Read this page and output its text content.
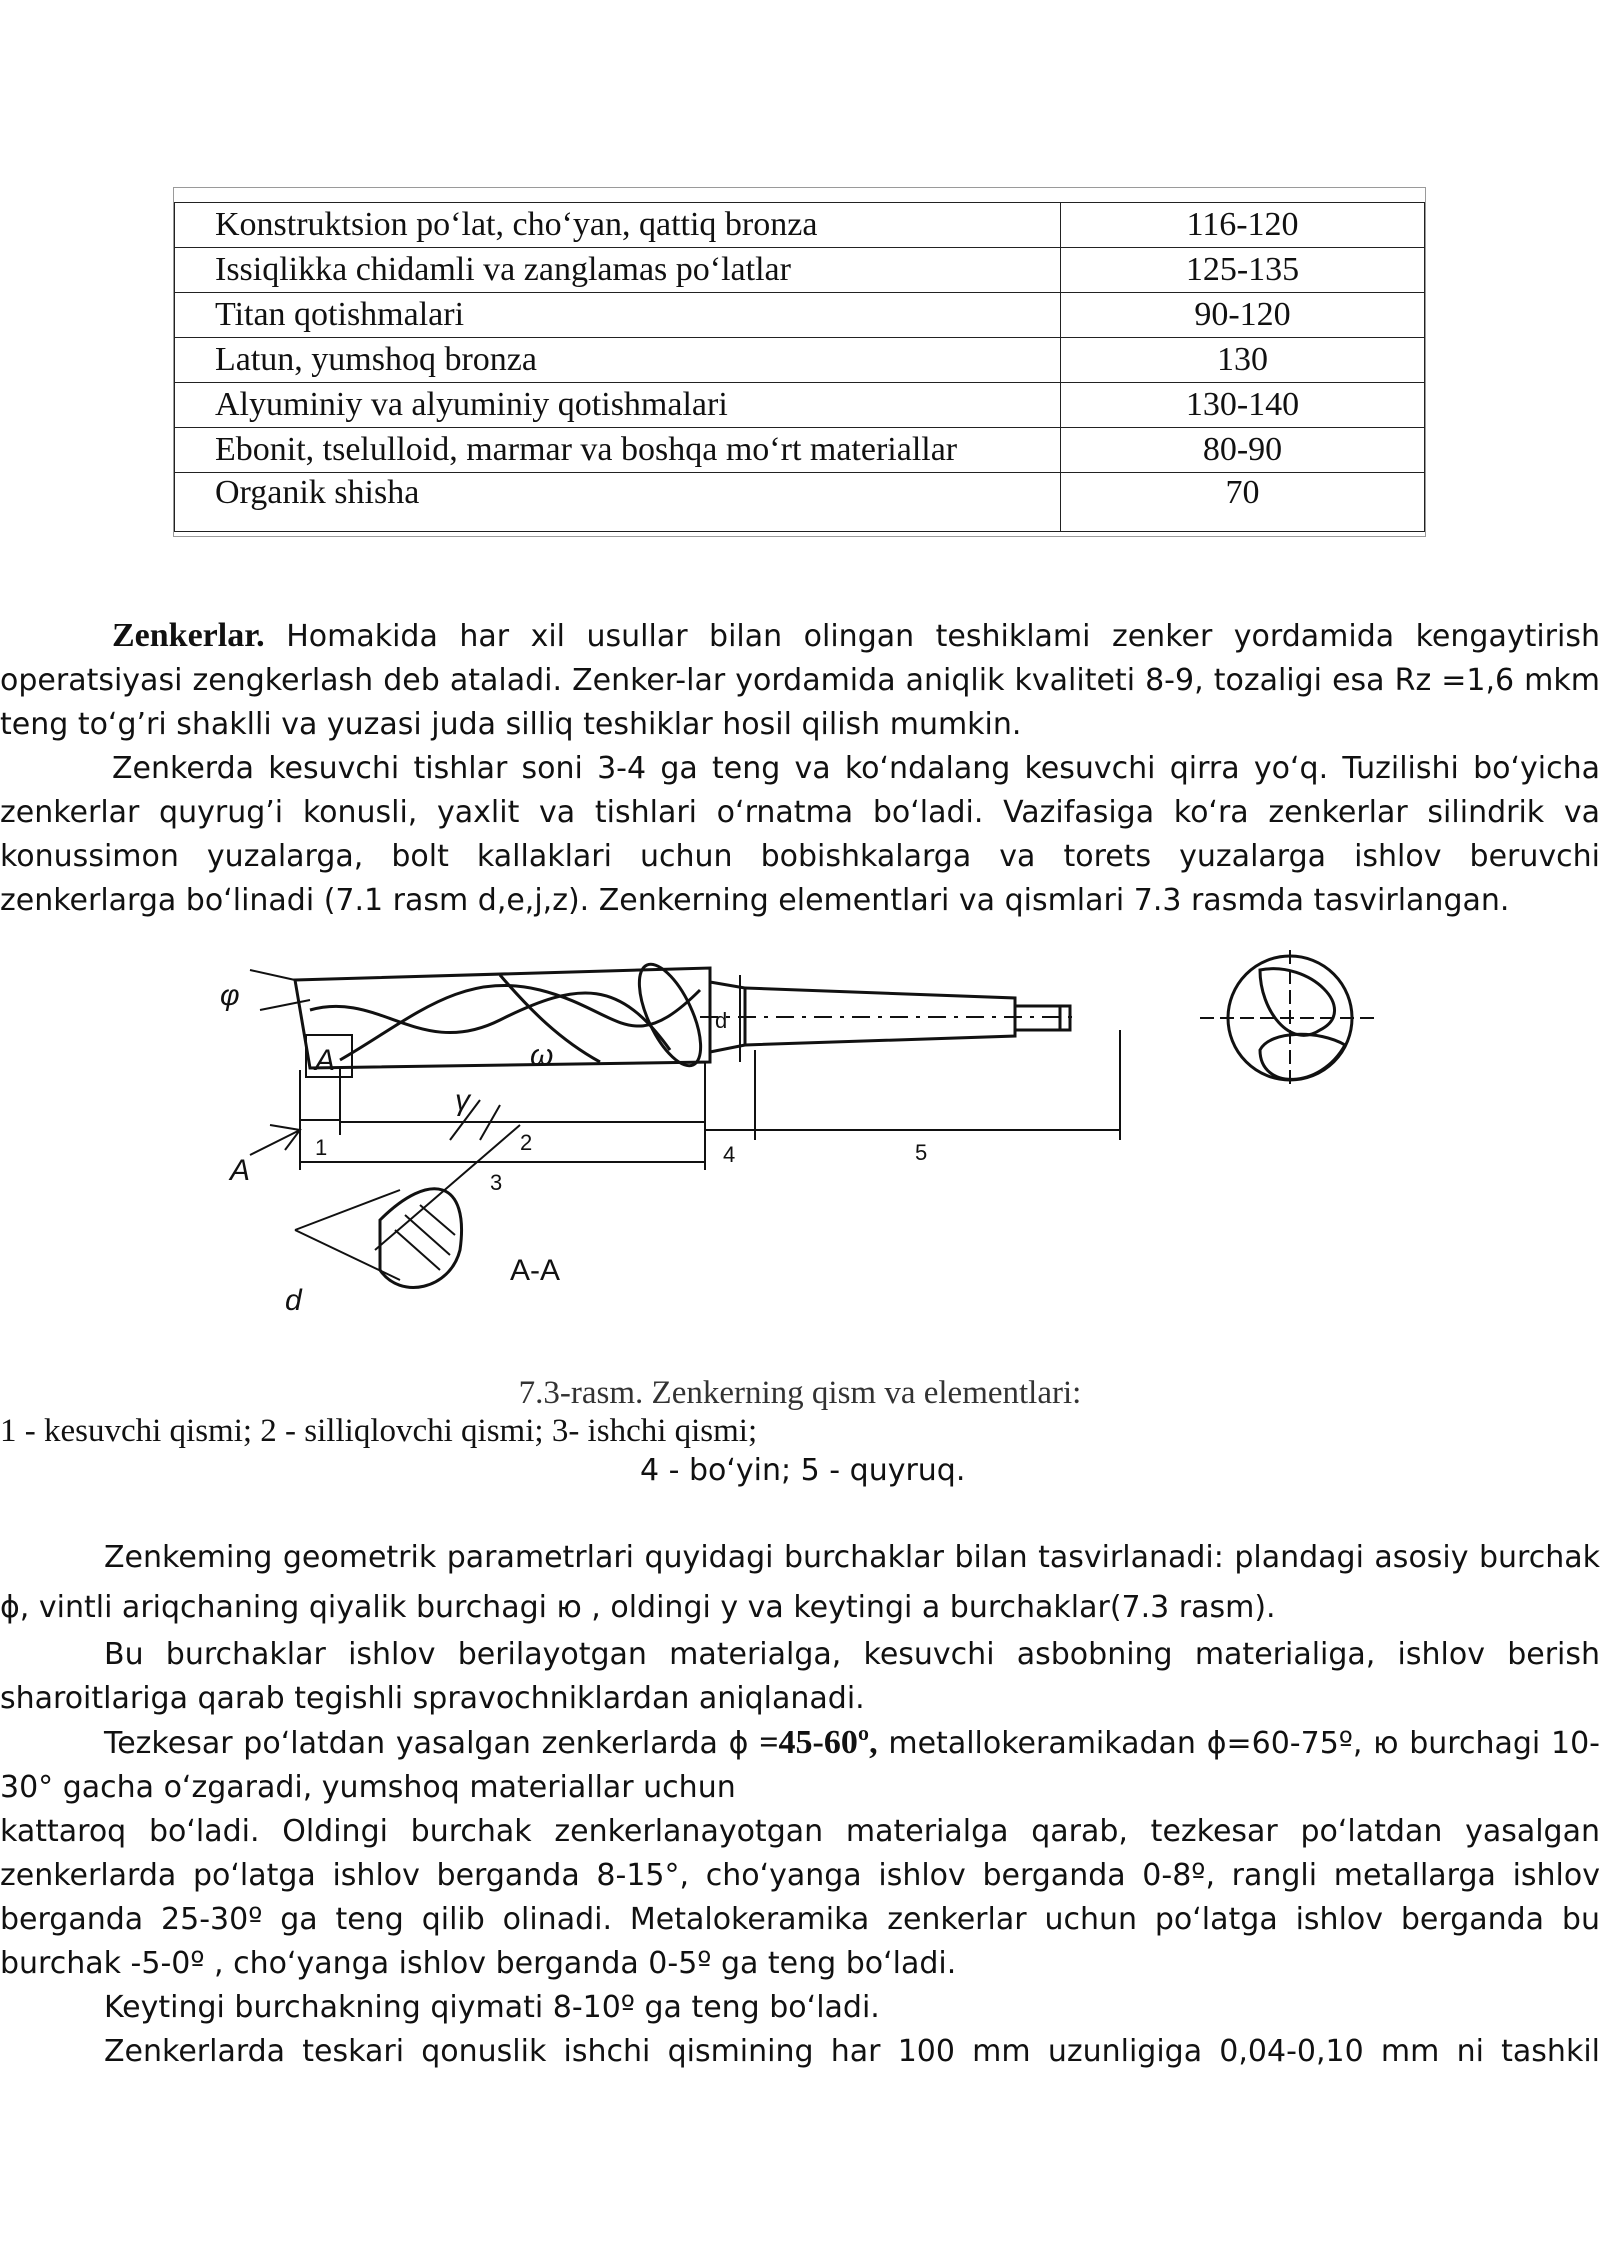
Konstruktsion po‘lat, cho‘yan, qattiq bronza	116-120
Issiqlikka chidamli va zanglamas po‘latlar	125-135
Titan qotishmalari	90-120
Latun, yumshoq bronza	130
Alyuminiy va alyuminiy qotishmalari	130-140
Ebonit, tselulloid, marmar va boshqa mo‘rt materiallar	80-90
Organik shisha	70

Zenkerlar. Homakida har xil usullar bilan olingan teshiklami zenker yordamida kengaytirish operatsiyasi zengkerlash deb ataladi. Zenker-lar yordamida aniqlik kvaliteti 8-9, tozaligi esa Rz =1,6 mkm teng to‘g’ri shaklli va yuzasi juda silliq teshiklar hosil qilish mumkin.

Zenkerda kesuvchi tishlar soni 3-4 ga teng va ko‘ndalang kesuvchi qirra yo‘q. Tuzilishi bo‘yicha zenkerlar quyrug’i konusli, yaxlit va tishlari o‘rnatma bo‘ladi. Vazifasiga ko‘ra zenkerlar silindrik va konussimon yuzalarga, bolt kallaklari uchun bobishkalarga va torets yuzalarga ishlov beruvchi zenkerlarga bo‘linadi (7.1 rasm d,e,j,z). Zenkerning elementlari va qismlari 7.3 rasmda tasvirlangan.

φ
ω
d
A
A
1	2
3
4	5
γ
d
A-A
7.3-rasm. Zenkerning qism va elementlari:
1 - kesuvchi qismi; 2 - silliqlovchi qismi; 3- ishchi qismi;
4 - bo‘yin; 5 - quyruq.

Zenkeming geometrik parametrlari quyidagi burchaklar bilan tasvirlanadi: plandagi asosiy burchak ϕ, vintli ariqchaning qiyalik burchagi ю , oldingi у va keytingi а burchaklar(7.3 rasm).

Bu burchaklar ishlov berilayotgan materialga, kesuvchi asbobning materialiga, ishlov berish sharoitlariga qarab tegishli spravochniklardan aniqlanadi.

Tezkesar po‘latdan yasalgan zenkerlarda ϕ =45-60º, metallokeramikadan ϕ=60-75º, ю burchagi 10-30° gacha o‘zgaradi, yumshoq materiallar uchun

kattaroq bo‘ladi. Oldingi burchak zenkerlanayotgan materialga qarab, tezkesar po‘latdan yasalgan zenkerlarda po‘latga ishlov berganda 8-15°, cho‘yanga ishlov berganda 0-8º, rangli metallarga ishlov berganda 25-30º ga teng qilib olinadi. Metalokeramika zenkerlar uchun po‘latga ishlov berganda bu burchak -5-0º , cho‘yanga ishlov berganda 0-5º ga teng bo‘ladi.

Keytingi burchakning qiymati 8-10º ga teng bo‘ladi.

Zenkerlarda teskari qonuslik ishchi qismining har 100 mm uzunligiga 0,04-0,10 mm ni tashkil
